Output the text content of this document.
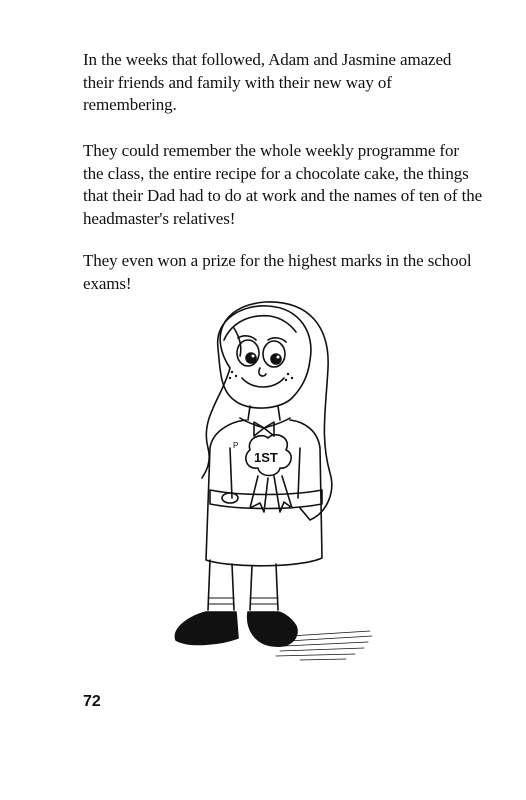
In the weeks that followed, Adam and Jasmine amazed their friends and family with their new way of remembering.

They could remember the whole weekly programme for the class, the entire recipe for a chocolate cake, the things that their Dad had to do at work and the names of ten of the headmaster's relatives!

They even won a prize for the highest marks in the school exams!

1ST
P
72
